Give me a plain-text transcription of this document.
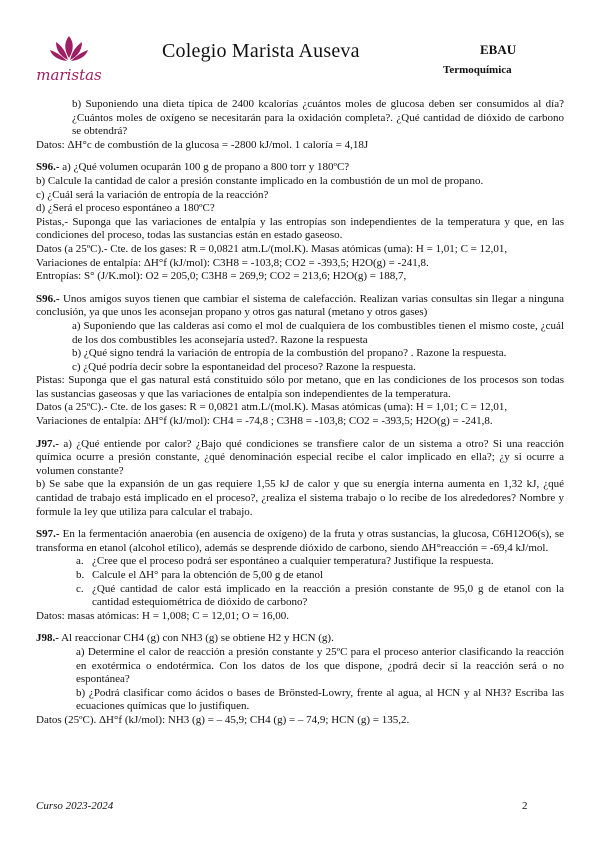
maristas
Colegio Marista Auseva	EBAU
Termoquímica

b) Suponiendo una dieta típica de 2400 kcalorías ¿cuántos moles de glucosa deben ser consumidos al día? ¿Cuántos moles de oxígeno se necesitarán para la oxidación completa?. ¿Qué cantidad de dióxido de carbono se obtendrá?

Datos: ΔH°c de combustión de la glucosa = -2800 kJ/mol. 1 caloría = 4,18J

S96.- a) ¿Qué volumen ocuparán 100 g de propano a 800 torr y 180ºC?

b) Calcule la cantidad de calor a presión constante implicado en la combustión de un mol de propano.

c) ¿Cuál será la variación de entropía de la reacción?

d) ¿Será el proceso espontáneo a 180ºC?

Pistas,- Suponga que las variaciones de entalpía y las entropías son independientes de la temperatura y que, en las condiciones del proceso, todas las sustancias están en estado gaseoso.

Datos (a 25ºC).- Cte. de los gases: R = 0,0821 atm.L/(mol.K). Masas atómicas (uma): H = 1,01; C = 12,01,

Variaciones de entalpía: ΔH°f (kJ/mol): C3H8 = -103,8; CO2 = -393,5; H2O(g) = -241,8.

Entropías: S° (J/K.mol): O2 = 205,0; C3H8 = 269,9; CO2 = 213,6; H2O(g) = 188,7,

S96.- Unos amigos suyos tienen que cambiar el sistema de calefacción. Realizan varias consultas sin llegar a ninguna conclusión, ya que unos les aconsejan propano y otros gas natural (metano y otros gases)

a) Suponiendo que las calderas así como el mol de cualquiera de los combustibles tienen el mismo coste, ¿cuál de los dos combustibles les aconsejaría usted?. Razone la respuesta

b) ¿Qué signo tendrá la variación de entropía de la combustión del propano? . Razone la respuesta.

c) ¿Qué podría decir sobre la espontaneidad del proceso? Razone la respuesta.

Pistas: Suponga que el gas natural está constituido sólo por metano, que en las condiciones de los procesos son todas las sustancias gaseosas y que las variaciones de entalpía son independientes de la temperatura.

Datos (a 25ºC).- Cte. de los gases: R = 0,0821 atm.L/(mol.K). Masas atómicas (uma): H = 1,01; C = 12,01,

Variaciones de entalpía: ΔH°f (kJ/mol): CH4 = -74,8 ; C3H8 = -103,8; CO2 = -393,5; H2O(g) = -241,8.

J97.- a) ¿Qué entiende por calor? ¿Bajo qué condiciones se transfiere calor de un sistema a otro? Si una reacción química ocurre a presión constante, ¿qué denominación especial recibe el calor implicado en ella?; ¿y si ocurre a volumen constante?

b) Se sabe que la expansión de un gas requiere 1,55 kJ de calor y que su energía interna aumenta en 1,32 kJ, ¿qué cantidad de trabajo está implicado en el proceso?, ¿realiza el sistema trabajo o lo recibe de los alrededores? Nombre y formule la ley que utiliza para calcular el trabajo.

S97.- En la fermentación anaerobia (en ausencia de oxígeno) de la fruta y otras sustancias, la glucosa, C6H12O6(s), se transforma en etanol (alcohol etílico), además se desprende dióxido de carbono, siendo ΔH°reacción = -69,4 kJ/mol.

a. ¿Cree que el proceso podrá ser espontáneo a cualquier temperatura? Justifique la respuesta.
b. Calcule el ΔH° para la obtención de 5,00 g de etanol
c. ¿Qué cantidad de calor está implicado en la reacción a presión constante de 95,0 g de etanol con la cantidad estequiométrica de dióxido de carbono?

Datos: masas atómicas: H = 1,008; C = 12,01; O = 16,00.

J98.- Al reaccionar CH4 (g) con NH3 (g) se obtiene H2 y HCN (g).

a) Determine el calor de reacción a presión constante y 25ºC para el proceso anterior clasificando la reacción en exotérmica o endotérmica. Con los datos de los que dispone, ¿podrá decir si la reacción será o no espontánea?

b) ¿Podrá clasificar como ácidos o bases de Brönsted-Lowry, frente al agua, al HCN y al NH3? Escriba las ecuaciones químicas que lo justifiquen.

Datos (25ºC). ΔH°f (kJ/mol): NH3 (g) = – 45,9; CH4 (g) = – 74,9; HCN (g) = 135,2.

Curso 2023-2024	2
